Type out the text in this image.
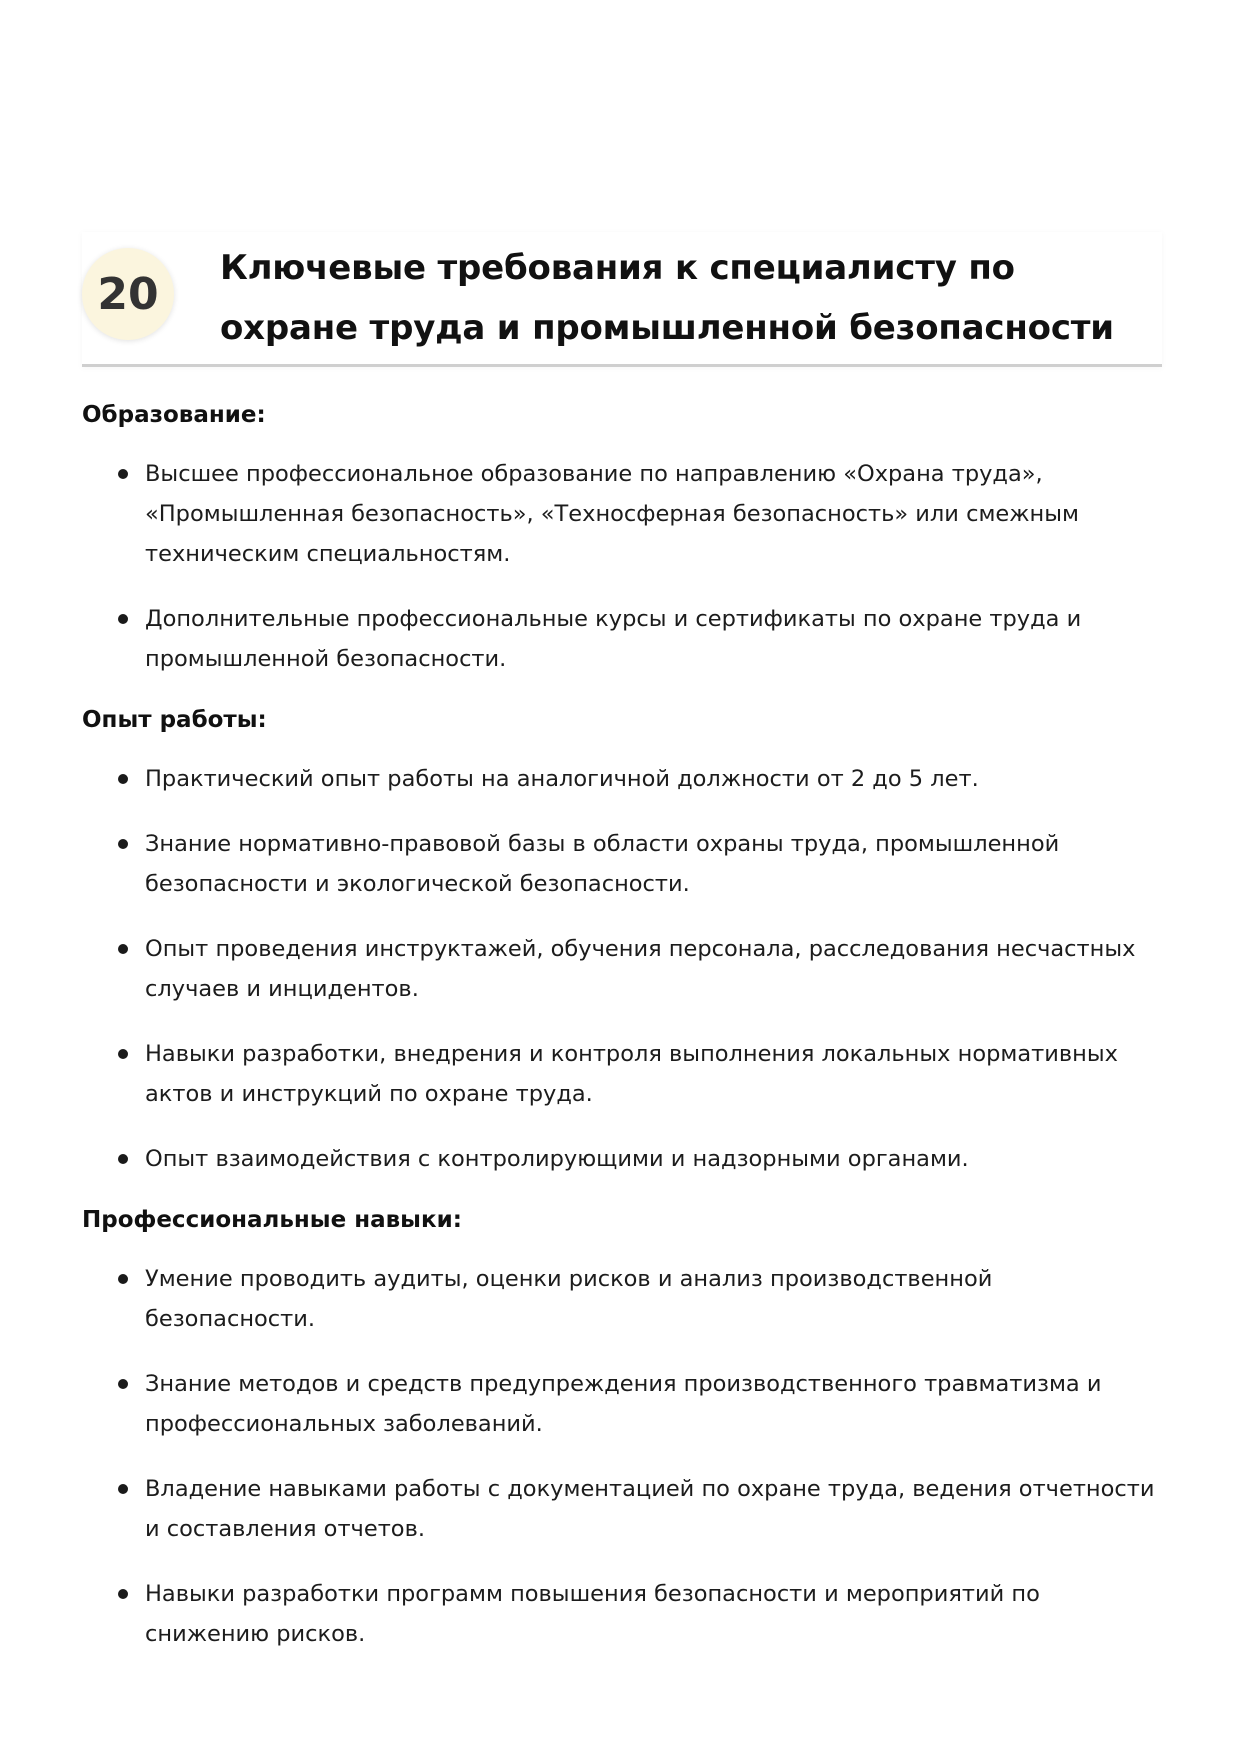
20
Ключевые требования к специалисту по охране труда и промышленной безопасности
Образование:
Высшее профессиональное образование по направлению «Охрана труда», «Промышленная безопасность», «Техносферная безопасность» или смежным техническим специальностям.
Дополнительные профессиональные курсы и сертификаты по охране труда и промышленной безопасности.
Опыт работы:
Практический опыт работы на аналогичной должности от 2 до 5 лет.
Знание нормативно-правовой базы в области охраны труда, промышленной безопасности и экологической безопасности.
Опыт проведения инструктажей, обучения персонала, расследования несчастных случаев и инцидентов.
Навыки разработки, внедрения и контроля выполнения локальных нормативных актов и инструкций по охране труда.
Опыт взаимодействия с контролирующими и надзорными органами.
Профессиональные навыки:
Умение проводить аудиты, оценки рисков и анализ производственной безопасности.
Знание методов и средств предупреждения производственного травматизма и профессиональных заболеваний.
Владение навыками работы с документацией по охране труда, ведения отчетности и составления отчетов.
Навыки разработки программ повышения безопасности и мероприятий по снижению рисков.
